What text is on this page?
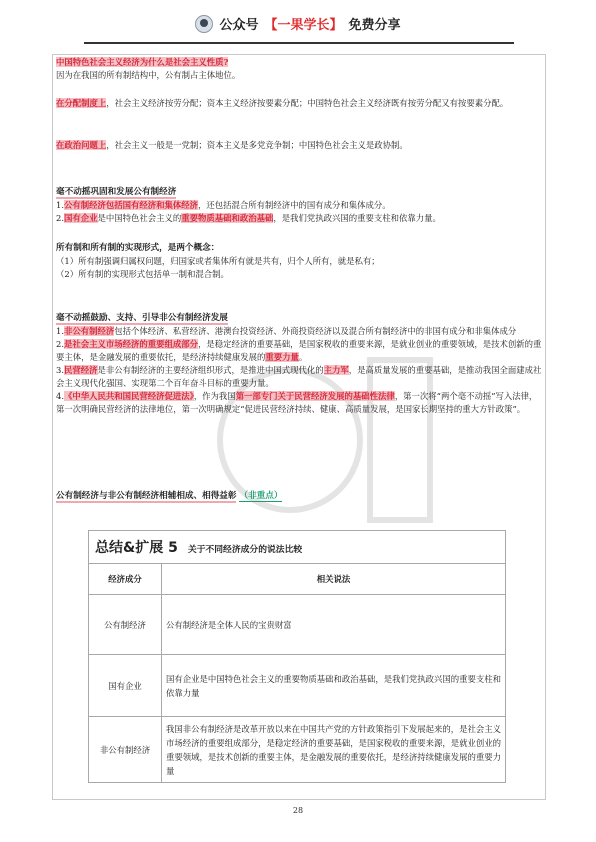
公众号 【一果学长】 免费分享

中国特色社会主义经济为什么是社会主义性质?

因为在我国的所有制结构中，公有制占主体地位。

在分配制度上，社会主义经济按劳分配；资本主义经济按要素分配；中国特色社会主义经济既有按劳分配又有按要素分配。

在政治问题上，社会主义一般是一党制；资本主义是多党竞争制；中国特色社会主义是政协制。

毫不动摇巩固和发展公有制经济

1.公有制经济包括国有经济和集体经济，还包括混合所有制经济中的国有成分和集体成分。

2.国有企业是中国特色社会主义的重要物质基础和政治基础，是我们党执政兴国的重要支柱和依靠力量。

所有制和所有制的实现形式，是两个概念：

（1）所有制强调归属权问题，归国家或者集体所有就是共有，归个人所有，就是私有；

（2）所有制的实现形式包括单一制和混合制。

毫不动摇鼓励、支持、引导非公有制经济发展

1.非公有制经济包括个体经济、私营经济、港澳台投资经济、外商投资经济以及混合所有制经济中的非国有成分和非集体成分

2.是社会主义市场经济的重要组成部分，是稳定经济的重要基础，是国家税收的重要来源，是就业创业的重要领域，是技术创新的重要主体，是金融发展的重要依托，是经济持续健康发展的重要力量。

3.民营经济是非公有制经济的主要经济组织形式，是推进中国式现代化的主力军，是高质量发展的重要基础，是推动我国全面建成社会主义现代化强国、实现第二个百年奋斗目标的重要力量。

4.《中华人民共和国民营经济促进法》，作为我国第一部专门关于民营经济发展的基础性法律，第一次将“两个毫不动摇”写入法律，第一次明确民营经济的法律地位，第一次明确规定“促进民营经济持续、健康、高质量发展，是国家长期坚持的重大方针政策”。

公有制经济与非公有制经济相辅相成、相得益彰 （非重点）

总结&扩展 5 关于不同经济成分的说法比较	
经济成分	相关说法
公有制经济	公有制经济是全体人民的宝贵财富
国有企业	国有企业是中国特色社会主义的重要物质基础和政治基础，是我们党执政兴国的重要支柱和依靠力量
非公有制经济	我国非公有制经济是改革开放以来在中国共产党的方针政策指引下发展起来的，是社会主义市场经济的重要组成部分，是稳定经济的重要基础，是国家税收的重要来源，是就业创业的重要领域，是技术创新的重要主体，是金融发展的重要依托，是经济持续健康发展的重要力量
28
